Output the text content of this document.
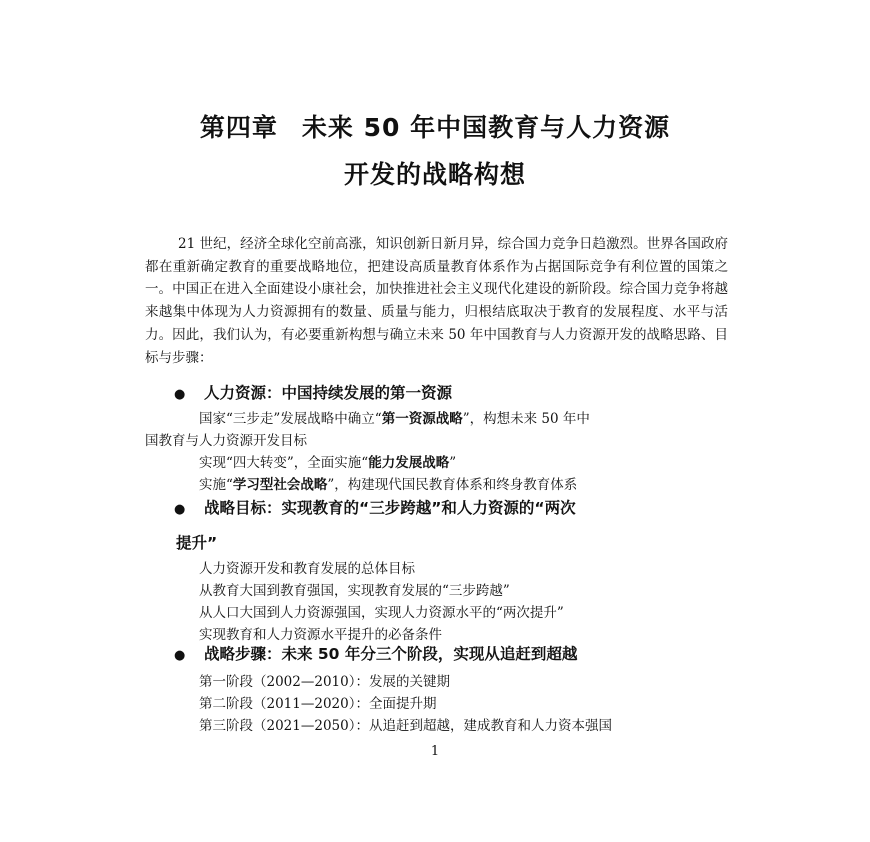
第四章 未来 50 年中国教育与人力资源
开发的战略构想
21 世纪，经济全球化空前高涨，知识创新日新月异，综合国力竞争日趋激烈。世界各国政府都在重新确定教育的重要战略地位，把建设高质量教育体系作为占据国际竞争有利位置的国策之一。中国正在进入全面建设小康社会，加快推进社会主义现代化建设的新阶段。综合国力竞争将越来越集中体现为人力资源拥有的数量、质量与能力，归根结底取决于教育的发展程度、水平与活力。因此，我们认为，有必要重新构想与确立未来 50 年中国教育与人力资源开发的战略思路、目标与步骤：
● 人力资源：中国持续发展的第一资源
国家“三步走”发展战略中确立“第一资源战略”，构想未来 50 年中
国教育与人力资源开发目标
实现“四大转变”，全面实施“能力发展战略”
实施“学习型社会战略”，构建现代国民教育体系和终身教育体系
● 战略目标：实现教育的“三步跨越”和人力资源的“两次
提升”
人力资源开发和教育发展的总体目标
从教育大国到教育强国，实现教育发展的“三步跨越”
从人口大国到人力资源强国，实现人力资源水平的“两次提升”
实现教育和人力资源水平提升的必备条件
● 战略步骤：未来 50 年分三个阶段，实现从追赶到超越
第一阶段（2002—2010）：发展的关键期
第二阶段（2011—2020）：全面提升期
第三阶段（2021—2050）：从追赶到超越，建成教育和人力资本强国
1
